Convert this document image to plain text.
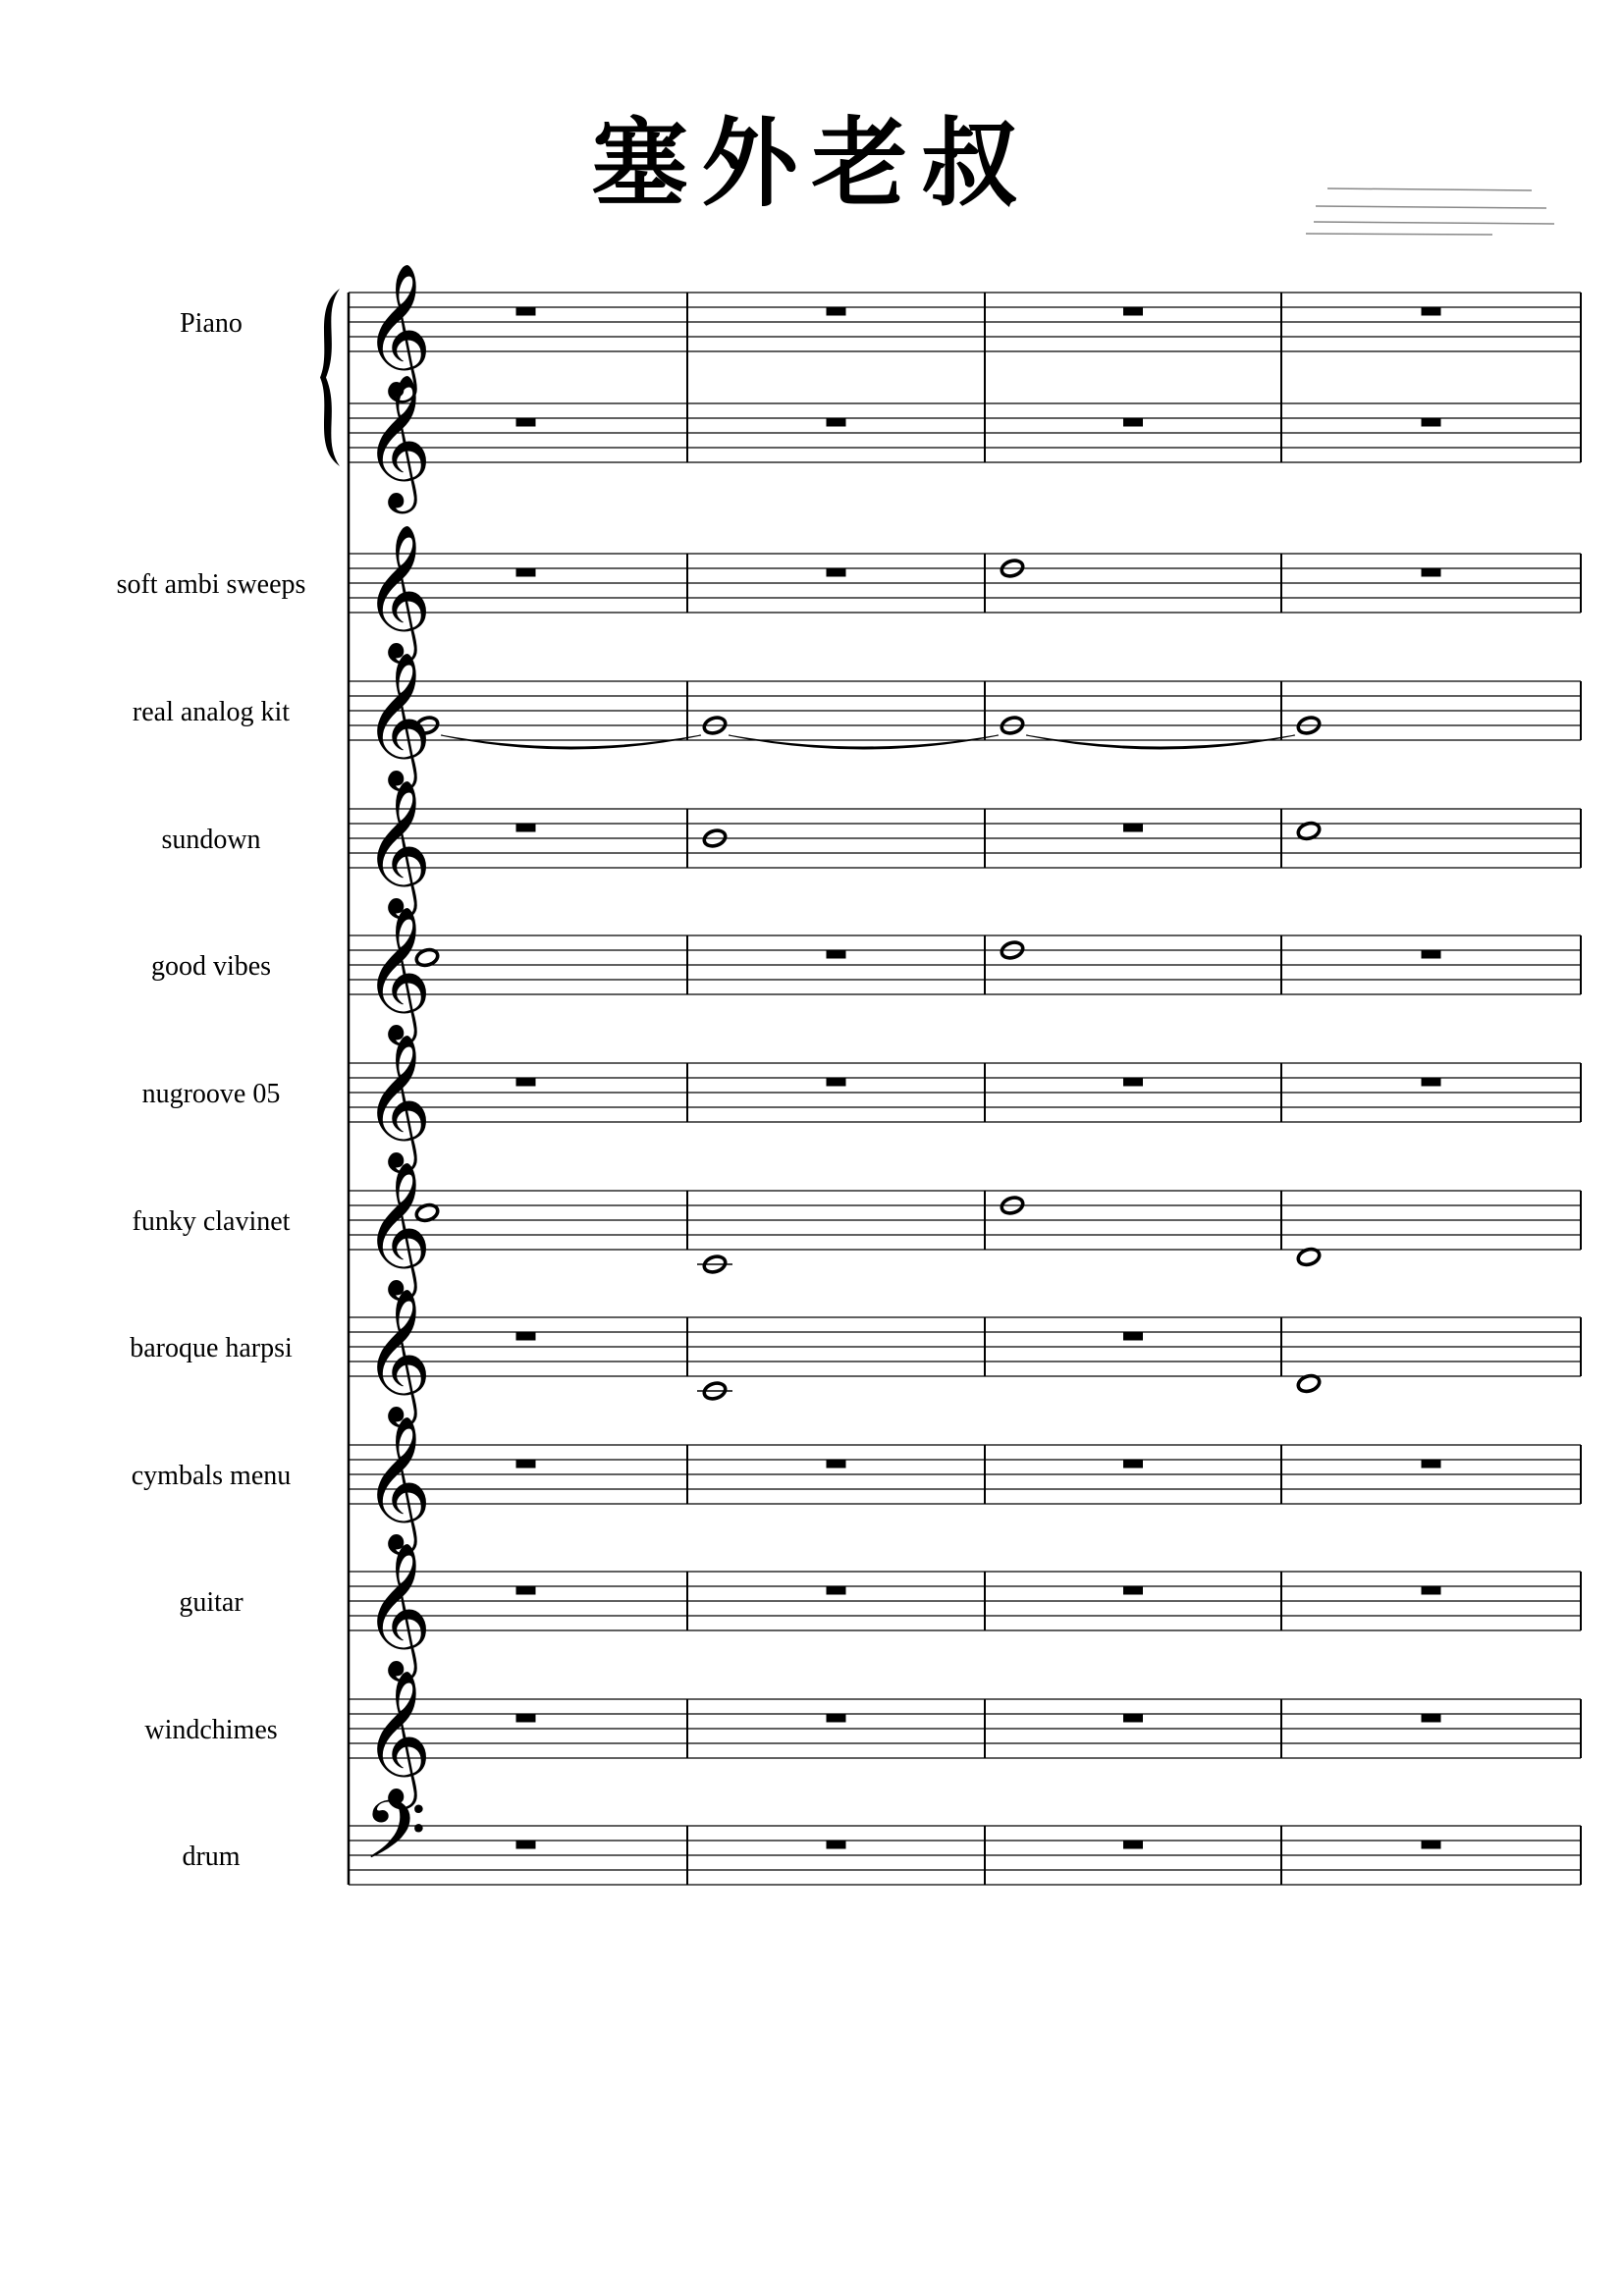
塞外老叔
𝄞
Piano
𝄞
𝄞
soft ambi sweeps
𝄞
real analog kit
𝄞
sundown
𝄞
good vibes
𝄞
nugroove 05
𝄞
funky clavinet
𝄞
baroque harpsi
𝄞
cymbals menu
𝄞
guitar
𝄞
windchimes
𝄢
drum
